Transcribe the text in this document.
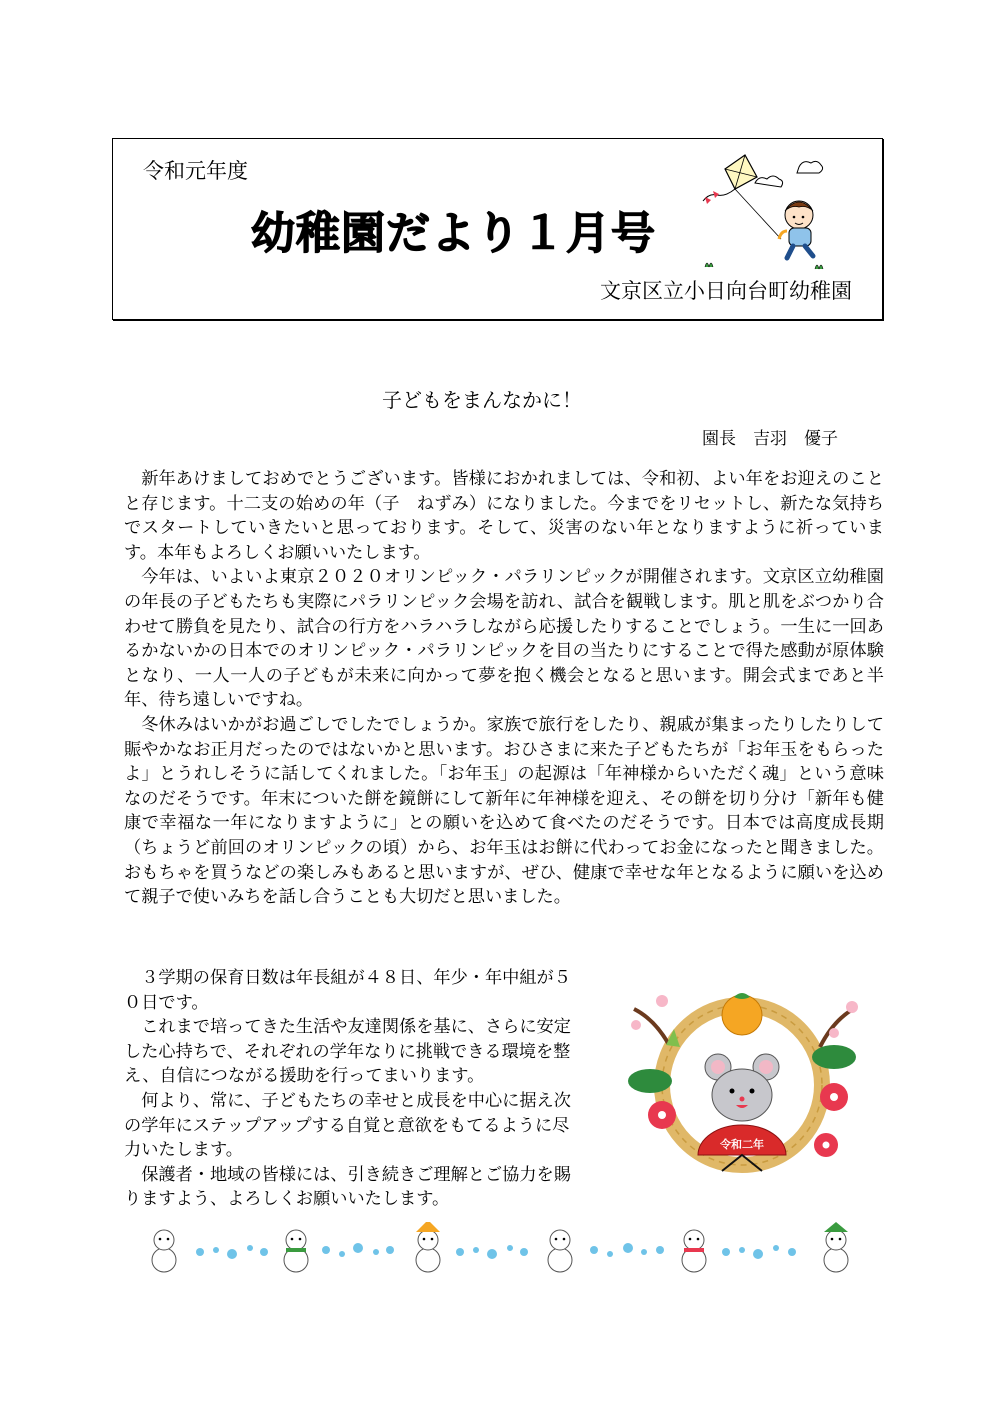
令和元年度
幼稚園だより１月号
文京区立小日向台町幼稚園
子どもをまんなかに！
園長　吉羽　優子

新年あけましておめでとうございます。皆様におかれましては、令和初、よい年をお迎えのことと存じます。十二支の始めの年（子　ねずみ）になりました。今までをリセットし、新たな気持ちでスタートしていきたいと思っております。そして、災害のない年となりますように祈っています。本年もよろしくお願いいたします。

今年は、いよいよ東京２０２０オリンピック・パラリンピックが開催されます。文京区立幼稚園の年長の子どもたちも実際にパラリンピック会場を訪れ、試合を観戦します。肌と肌をぶつかり合わせて勝負を見たり、試合の行方をハラハラしながら応援したりすることでしょう。一生に一回あるかないかの日本でのオリンピック・パラリンピックを目の当たりにすることで得た感動が原体験となり、一人一人の子どもが未来に向かって夢を抱く機会となると思います。開会式まであと半年、待ち遠しいですね。

冬休みはいかがお過ごしでしたでしょうか。家族で旅行をしたり、親戚が集まったりしたりして賑やかなお正月だったのではないかと思います。おひさまに来た子どもたちが「お年玉をもらったよ」とうれしそうに話してくれました。「お年玉」の起源は「年神様からいただく魂」という意味なのだそうです。年末についた餅を鏡餅にして新年に年神様を迎え、その餅を切り分け「新年も健康で幸福な一年になりますように」との願いを込めて食べたのだそうです。日本では高度成長期（ちょうど前回のオリンピックの頃）から、お年玉はお餅に代わってお金になったと聞きました。おもちゃを買うなどの楽しみもあると思いますが、ぜひ、健康で幸せな年となるように願いを込めて親子で使いみちを話し合うことも大切だと思いました。

３学期の保育日数は年長組が４８日、年少・年中組が５０日です。

これまで培ってきた生活や友達関係を基に、さらに安定した心持ちで、それぞれの学年なりに挑戦できる環境を整え、自信につながる援助を行ってまいります。

何より、常に、子どもたちの幸せと成長を中心に据え次の学年にステップアップする自覚と意欲をもてるように尽力いたします。

保護者・地域の皆様には、引き続きご理解とご協力を賜りますよう、よろしくお願いいたします。

令和二年
